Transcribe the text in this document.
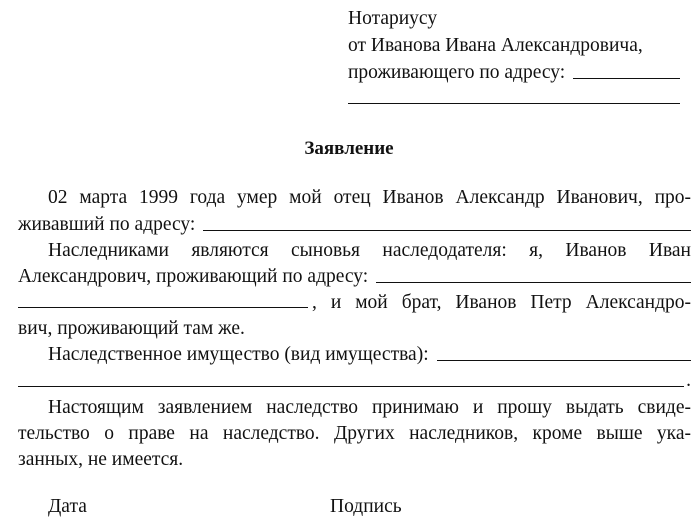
Нотариусу
от Иванова Ивана Александровича,
проживающего по адресу:
Заявление
02 марта 1999 года умер мой отец Иванов Александр Иванович, про-
живавший по адресу:
Наследниками являются сыновья наследодателя: я, Иванов Иван
Александрович, проживающий по адресу:
, и мой брат, Иванов Петр Александро-
вич, проживающий там же.
Наследственное имущество (вид имущества):
.
Настоящим заявлением наследство принимаю и прошу выдать свиде-
тельство о праве на наследство. Других наследников, кроме выше ука-
занных, не имеется.
Дата	Подпись
